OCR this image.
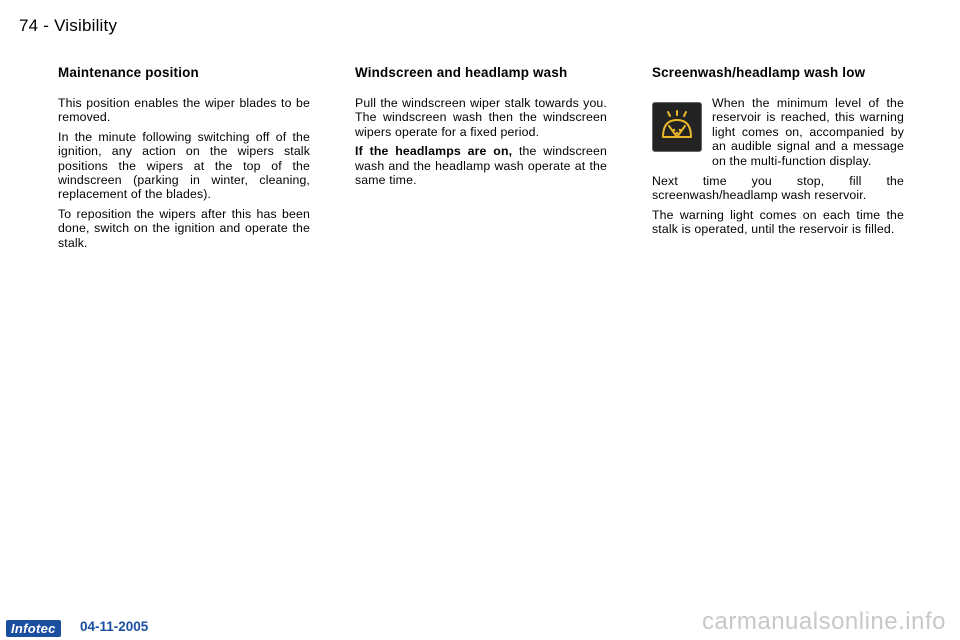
74 - Visibility
Maintenance position

This position enables the wiper blades to be removed.

In the minute following switching off of the ignition, any action on the wipers stalk positions the wipers at the top of the windscreen (parking in winter, cleaning, replacement of the blades).

To reposition the wipers after this has been done, switch on the ignition and operate the stalk.

Windscreen and headlamp wash

Pull the windscreen wiper stalk towards you. The windscreen wash then the windscreen wipers operate for a fixed period.

If the headlamps are on, the windscreen wash and the headlamp wash operate at the same time.

Screenwash/headlamp wash low

When the minimum level of the reservoir is reached, this warning light comes on, accompanied by an audible signal and a message on the multi-function display.

Next time you stop, fill the screenwash/headlamp wash reservoir.

The warning light comes on each time the stalk is operated, until the reservoir is filled.

Infotec	04-11-2005	carmanualsonline.info
